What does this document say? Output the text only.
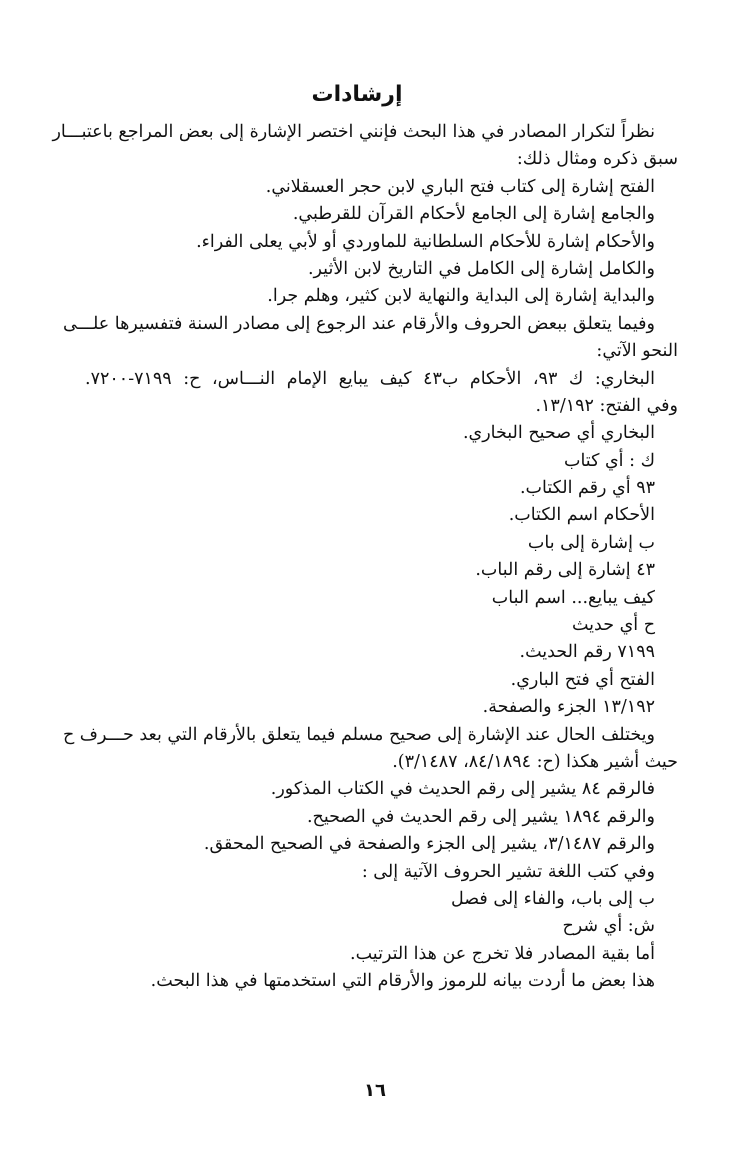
إرشادات
نظراً لتكرار المصادر في هذا البحث فإنني اختصر الإشارة إلى بعض المراجع باعتبـــار
سبق ذكره ومثال ذلك:
الفتح إشارة إلى كتاب فتح الباري لابن حجر العسقلاني.
والجامع إشارة إلى الجامع لأحكام القرآن للقرطبي.
والأحكام إشارة للأحكام السلطانية للماوردي أو لأبي يعلى الفراء.
والكامل إشارة إلى الكامل في التاريخ لابن الأثير.
والبداية إشارة إلى البداية والنهاية لابن كثير، وهلم جرا.
وفيما يتعلق ببعض الحروف والأرقام عند الرجوع إلى مصادر السنة فتفسيرها علـــى
النحو الآتي:
البخاري: ك ٩٣، الأحكام ب٤٣ كيف يبايع الإمام النـــاس، ح: ٧١٩٩-٧٢٠٠.
وفي الفتح: ١٣/١٩٢.
البخاري أي صحيح البخاري.
ك : أي كتاب
٩٣ أي رقم الكتاب.
الأحكام اسم الكتاب.
ب إشارة إلى باب
٤٣ إشارة إلى رقم الباب.
كيف يبايع... اسم الباب
ح أي حديث
٧١٩٩ رقم الحديث.
الفتح أي فتح الباري.
١٣/١٩٢ الجزء والصفحة.
ويختلف الحال عند الإشارة إلى صحيح مسلم فيما يتعلق بالأرقام التي بعد حـــرف ح
حيث أشير هكذا (ح: ٨٤/١٨٩٤، ٣/١٤٨٧).
فالرقم ٨٤ يشير إلى رقم الحديث في الكتاب المذكور.
والرقم ١٨٩٤ يشير إلى رقم الحديث في الصحيح.
والرقم ٣/١٤٨٧، يشير إلى الجزء والصفحة في الصحيح المحقق.
وفي كتب اللغة تشير الحروف الآتية إلى :
ب إلى باب، والفاء إلى فصل
ش: أي شرح
أما بقية المصادر فلا تخرج عن هذا الترتيب.
هذا بعض ما أردت بيانه للرموز والأرقام التي استخدمتها في هذا البحث.
١٦
